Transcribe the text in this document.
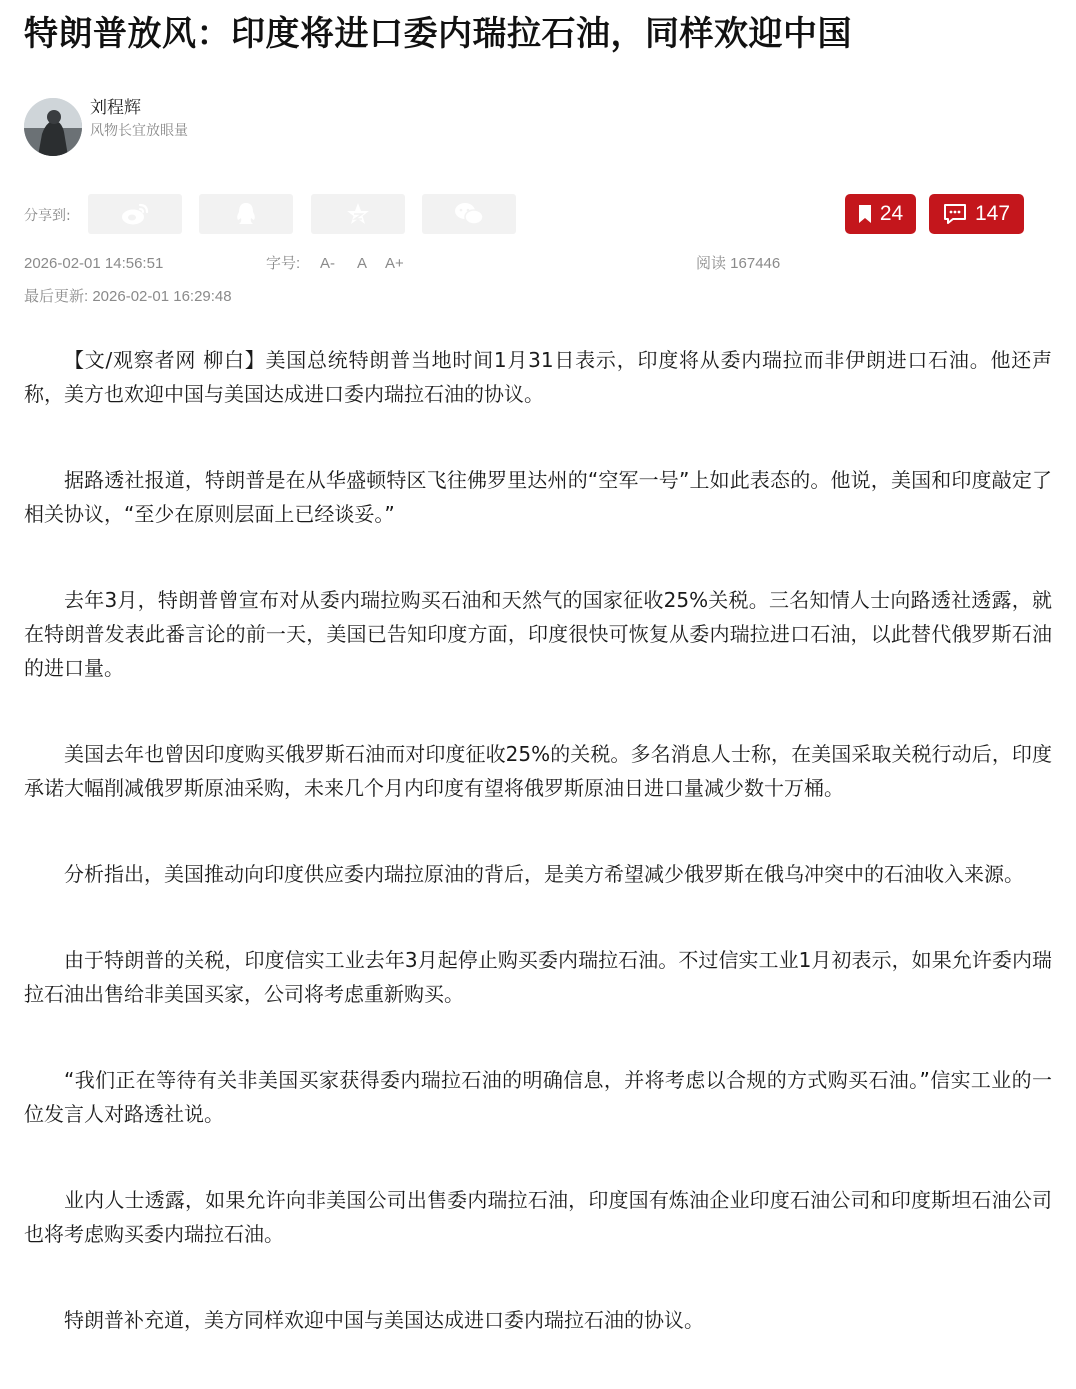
特朗普放风：印度将进口委内瑞拉石油，同样欢迎中国
刘程辉
风物长宜放眼量
分享到:	24	147
2026-02-01 14:56:51	字号: A- A A+	阅读 167446
最后更新: 2026-02-01 16:29:48

【文/观察者网 柳白】美国总统特朗普当地时间1月31日表示，印度将从委内瑞拉而非伊朗进口石油。他还声称，美方也欢迎中国与美国达成进口委内瑞拉石油的协议。

据路透社报道，特朗普是在从华盛顿特区飞往佛罗里达州的“空军一号”上如此表态的。他说，美国和印度敲定了相关协议，“至少在原则层面上已经谈妥。”

去年3月，特朗普曾宣布对从委内瑞拉购买石油和天然气的国家征收25%关税。三名知情人士向路透社透露，就在特朗普发表此番言论的前一天，美国已告知印度方面，印度很快可恢复从委内瑞拉进口石油，以此替代俄罗斯石油的进口量。

美国去年也曾因印度购买俄罗斯石油而对印度征收25%的关税。多名消息人士称，在美国采取关税行动后，印度承诺大幅削减俄罗斯原油采购，未来几个月内印度有望将俄罗斯原油日进口量减少数十万桶。

分析指出，美国推动向印度供应委内瑞拉原油的背后，是美方希望减少俄罗斯在俄乌冲突中的石油收入来源。

由于特朗普的关税，印度信实工业去年3月起停止购买委内瑞拉石油。不过信实工业1月初表示，如果允许委内瑞拉石油出售给非美国买家，公司将考虑重新购买。

“我们正在等待有关非美国买家获得委内瑞拉石油的明确信息，并将考虑以合规的方式购买石油。”信实工业的一位发言人对路透社说。

业内人士透露，如果允许向非美国公司出售委内瑞拉石油，印度国有炼油企业印度石油公司和印度斯坦石油公司也将考虑购买委内瑞拉石油。

特朗普补充道，美方同样欢迎中国与美国达成进口委内瑞拉石油的协议。
